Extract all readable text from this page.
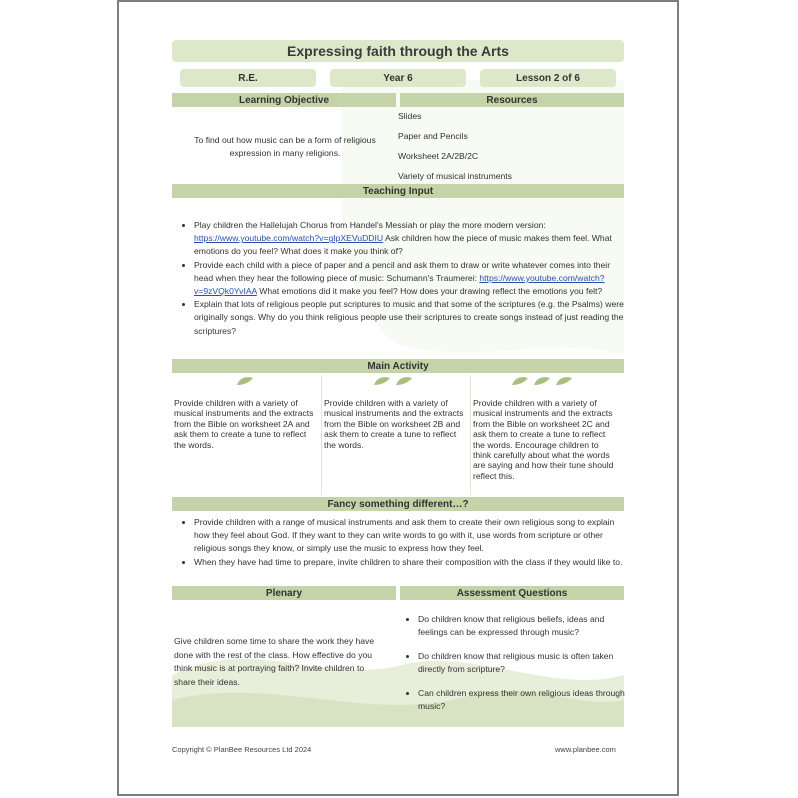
Expressing faith through the Arts
R.E.	Year 6	Lesson 2 of 6
Learning Objective	Resources
To find out how music can be a form of religious expression in many religions.
Slides
Paper and Pencils
Worksheet 2A/2B/2C
Variety of musical instruments
Teaching Input
• Play children the Hallelujah Chorus from Handel's Messiah or play the more modern version: https://www.youtube.com/watch?v=gIpXEVuDDIU Ask children how the piece of music makes them feel. What emotions do you feel? What does it make you think of?
• Provide each child with a piece of paper and a pencil and ask them to draw or write whatever comes into their head when they hear the following piece of music: Schumann's Traumerei: https://www.youtube.com/watch?v=9zVQk0YvIAA What emotions did it make you feel? How does your drawing reflect the emotions you felt?
• Explain that lots of religious people put scriptures to music and that some of the scriptures (e.g. the Psalms) were originally songs. Why do you think religious people use their scriptures to create songs instead of just reading the scriptures?
Main Activity
Provide children with a variety of musical instruments and the extracts from the Bible on worksheet 2A and ask them to create a tune to reflect the words.
Provide children with a variety of musical instruments and the extracts from the Bible on worksheet 2B and ask them to create a tune to reflect the words.
Provide children with a variety of musical instruments and the extracts from the Bible on worksheet 2C and ask them to create a tune to reflect the words. Encourage children to think carefully about what the words are saying and how their tune should reflect this.
Fancy something different…?
• Provide children with a range of musical instruments and ask them to create their own religious song to explain how they feel about God. If they want to they can write words to go with it, use words from scripture or other religious songs they know, or simply use the music to express how they feel.
• When they have had time to prepare, invite children to share their composition with the class if they would like to.
Plenary	Assessment Questions
Give children some time to share the work they have done with the rest of the class. How effective do you think music is at portraying faith? Invite children to share their ideas.
• Do children know that religious beliefs, ideas and feelings can be expressed through music?
• Do children know that religious music is often taken directly from scripture?
• Can children express their own religious ideas through music?
Copyright © PlanBee Resources Ltd 2024	www.planbee.com
